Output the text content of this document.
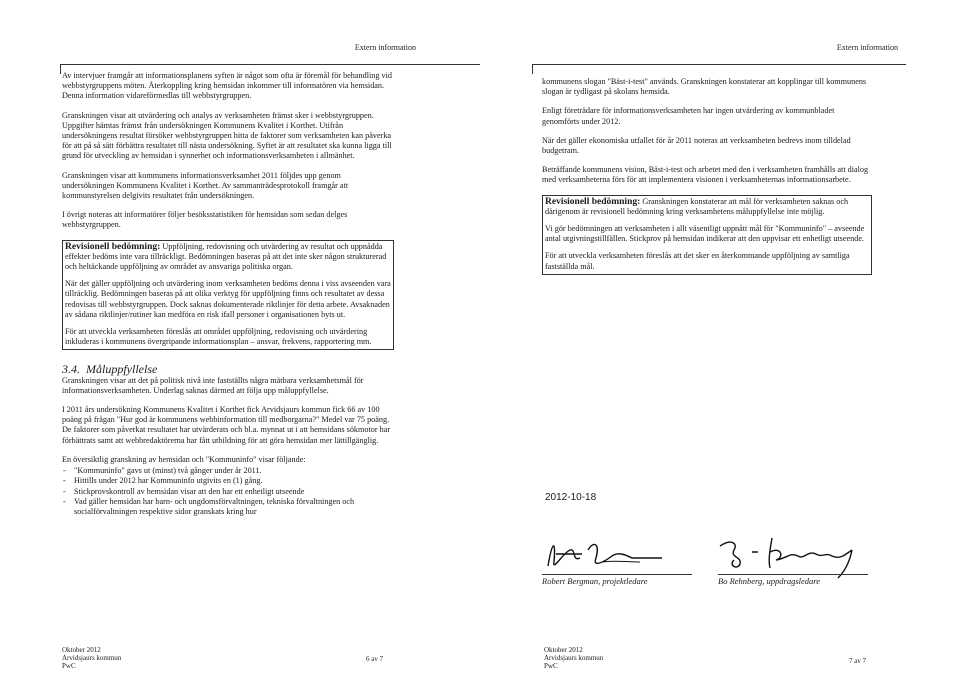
Extern information

Av intervjuer framgår att informationsplanens syften är något som ofta är föremål för behandling vid webbstyrgruppens möten. Återkoppling kring hemsidan inkommer till informatören via hemsidan. Denna information vidareförmedlas till webbstyrgruppen.

Granskningen visar att utvärdering och analys av verksamheten främst sker i webbstyrgruppen. Uppgifter hämtas främst från undersökningen Kommunens Kvalitet i Korthet. Utifrån undersökningens resultat försöker webbstyrgruppen hitta de faktorer som verksamheten kan påverka för att på så sätt förbättra resultatet till nästa undersökning. Syftet är att resultatet ska kunna ligga till grund för utveckling av hemsidan i synnerhet och informationsverksamheten i allmänhet.

Granskningen visar att kommunens informationsverksamhet 2011 följdes upp genom undersökningen Kommunens Kvalitet i Korthet. Av sammanträdesprotokoll framgår att kommunstyrelsen delgivits resultatet från undersökningen.

I övrigt noteras att informatörer följer besöksstatistiken för hemsidan som sedan delges webbstyrgruppen.

Revisionell bedömning: Uppföljning, redovisning och utvärdering av resultat och uppnådda effekter bedöms inte vara tillräckligt. Bedömningen baseras på att det inte sker någon strukturerad och heltäckande uppföljning av området av ansvariga politiska organ.

När det gäller uppföljning och utvärdering inom verksamheten bedöms denna i viss avseenden vara tillräcklig. Bedömningen baseras på att olika verktyg för uppföljning finns och resultatet av dessa redovisas till webbstyrgruppen. Dock saknas dokumenterade riktlinjer för detta arbete. Avsaknaden av sådana riktlinjer/rutiner kan medföra en risk ifall personer i organisationen byts ut.

För att utveckla verksamheten föreslås att området uppföljning, redovisning och utvärdering inkluderas i kommunens övergripande informationsplan – ansvar, frekvens, rapportering mm.

3.4. Måluppfyllelse

Granskningen visar att det på politisk nivå inte fastställts några mätbara verksamhetsmål för informationsverksamheten. Underlag saknas därmed att följa upp måluppfyllelse.

I 2011 års undersökning Kommunens Kvalitet i Korthet fick Arvidsjaurs kommun fick 66 av 100 poäng på frågan "Hur god är kommunens webbinformation till medborgarna?" Medel var 75 poäng. De faktorer som påverkat resultatet har utvärderats och bl.a. mynnat ut i att hemsidans sökmotor har förbättrats samt att webbredaktörerna har fått utbildning för att göra hemsidan mer lättillgänglig.

En översiktlig granskning av hemsidan och "Kommuninfo" visar följande:

- "Kommuninfo" gavs ut (minst) två gånger under år 2011.
- Hittills under 2012 har Kommuninfo utgivits en (1) gång.
- Stickprovskontroll av hemsidan visar att den har ett enhetligt utseende
- Vad gäller hemsidan har barn- och ungdomsförvaltningen, tekniska förvaltningen och socialförvaltningen respektive sidor granskats kring hur
Oktober 2012
Arvidsjaurs kommun
PwC
6 av 7
Extern information

kommunens slogan "Bäst-i-test" används. Granskningen konstaterar att kopplingar till kommunens slogan är tydligast på skolans hemsida.

Enligt företrädare för informationsverksamheten har ingen utvärdering av kommunbladet genomförts under 2012.

När det gäller ekonomiska utfallet för år 2011 noteras att verksamheten bedrevs inom tilldelad budgetram.

Beträffande kommunens vision, Bäst-i-test och arbetet med den i verksamheten framhålls att dialog med verksamheterna förs för att implementera visionen i verksamheternas informationsarbete.

Revisionell bedömning: Granskningen konstaterar att mål för verksamheten saknas och därigenom är revisionell bedömning kring verksamhetens måluppfyllelse inte möjlig.

Vi gör bedömningen att verksamheten i allt väsentligt uppnått mål för "Kommuninfo" – avseende antal utgivningstillfällen. Stickprov på hemsidan indikerar att den uppvisar ett enhetligt utseende.

För att utveckla verksamheten föreslås att det sker en återkommande uppföljning av samtliga fastställda mål.

2012-10-18
Robert Bergman, projektledare	Bo Rehnberg, uppdragsledare
Oktober 2012
Arvidsjaurs kommun
PwC
7 av 7
